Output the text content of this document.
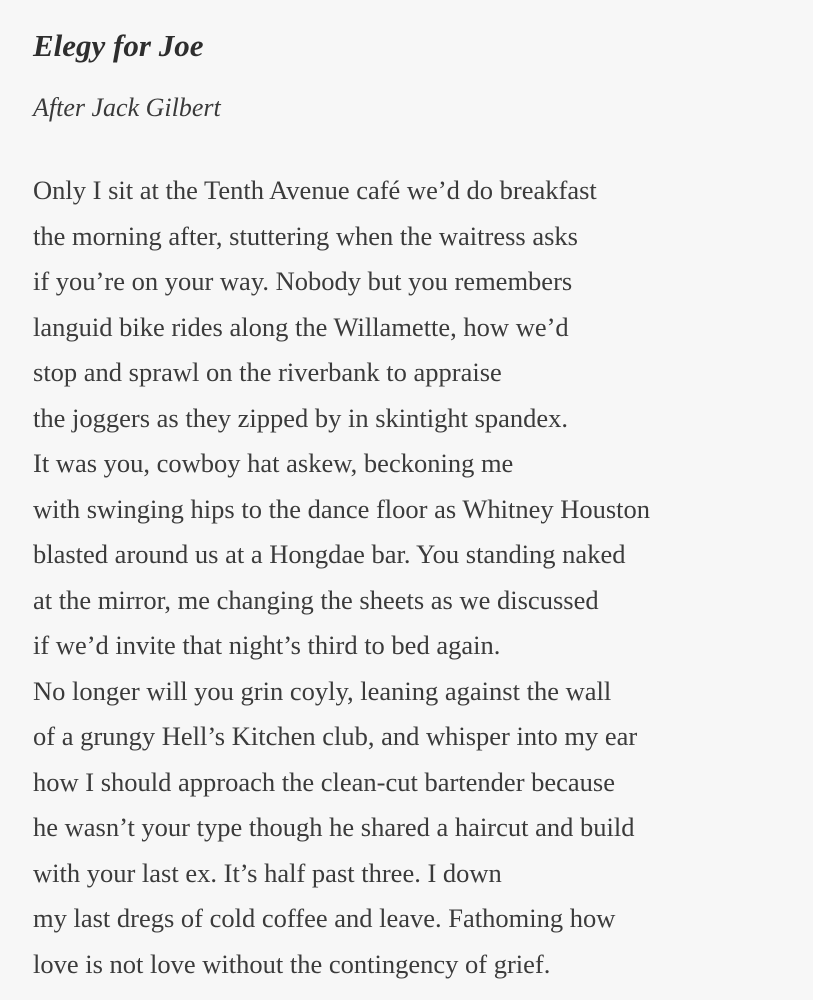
Elegy for Joe
After Jack Gilbert
Only I sit at the Tenth Avenue café we’d do breakfast
the morning after, stuttering when the waitress asks
if you’re on your way. Nobody but you remembers
languid bike rides along the Willamette, how we’d
stop and sprawl on the riverbank to appraise
the joggers as they zipped by in skintight spandex.
It was you, cowboy hat askew, beckoning me
with swinging hips to the dance floor as Whitney Houston
blasted around us at a Hongdae bar. You standing naked
at the mirror, me changing the sheets as we discussed
if we’d invite that night’s third to bed again.
No longer will you grin coyly, leaning against the wall
of a grungy Hell’s Kitchen club, and whisper into my ear
how I should approach the clean-cut bartender because
he wasn’t your type though he shared a haircut and build
with your last ex. It’s half past three. I down
my last dregs of cold coffee and leave. Fathoming how
love is not love without the contingency of grief.
